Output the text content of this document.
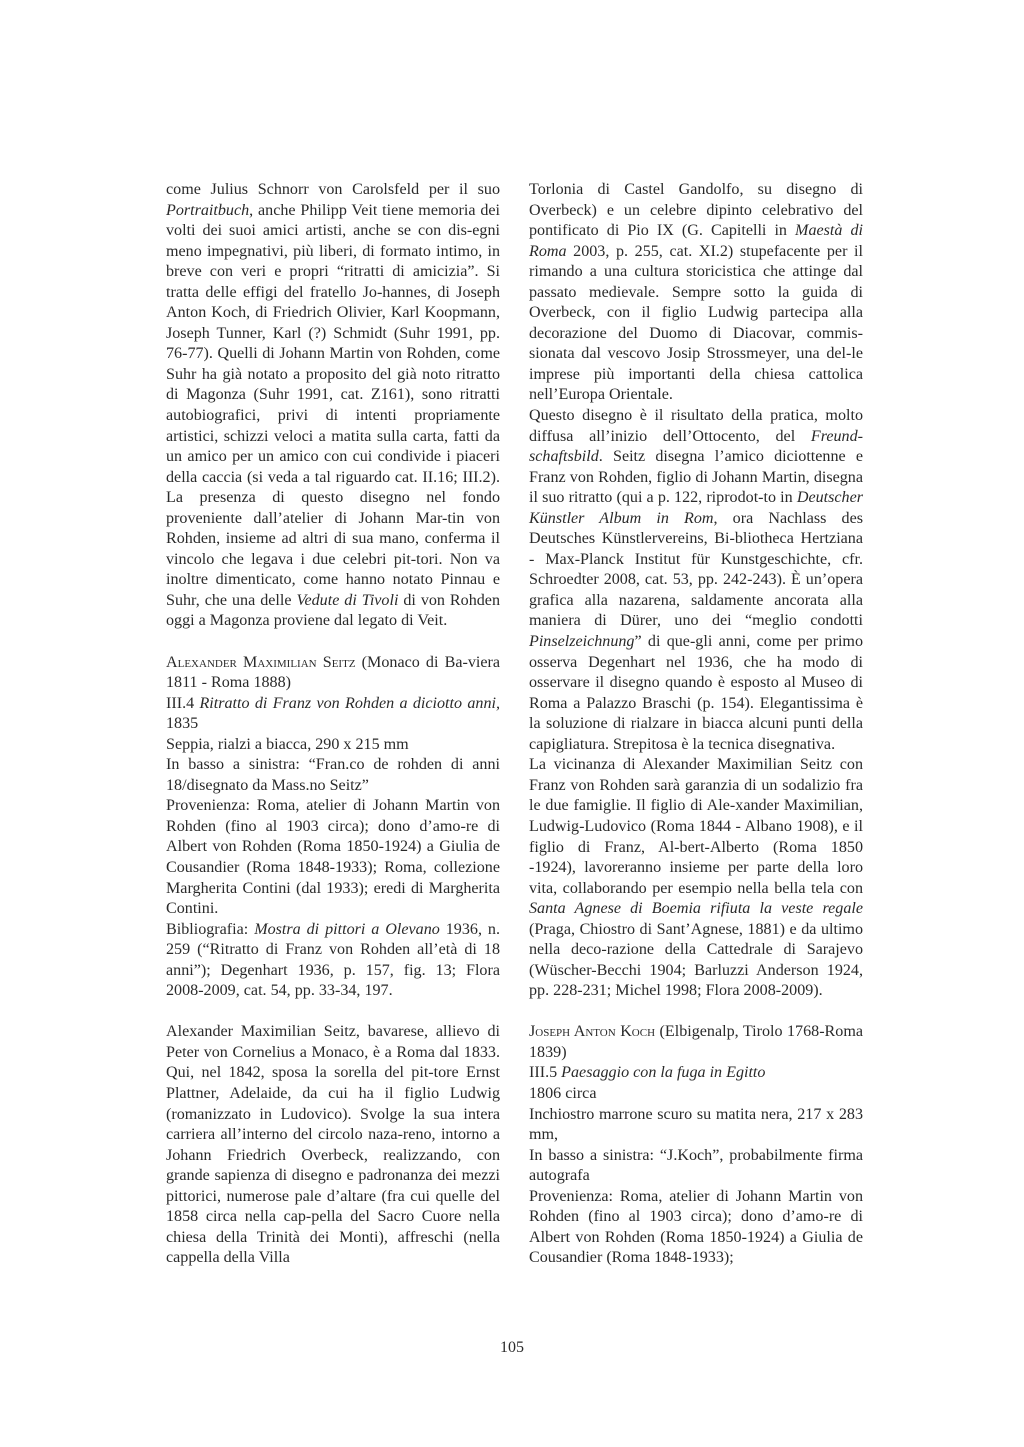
come Julius Schnorr von Carolsfeld per il suo Portraitbuch, anche Philipp Veit tiene memoria dei volti dei suoi amici artisti, anche se con dis-egni meno impegnativi, più liberi, di formato intimo, in breve con veri e propri “ritratti di amicizia”. Si tratta delle effigi del fratello Jo-hannes, di Joseph Anton Koch, di Friedrich Olivier, Karl Koopmann, Joseph Tunner, Karl (?) Schmidt (Suhr 1991, pp. 76-77). Quelli di Johann Martin von Rohden, come Suhr ha già notato a proposito del già noto ritratto di Magonza (Suhr 1991, cat. Z161), sono ritratti autobiografici, privi di intenti propriamente artistici, schizzi veloci a matita sulla carta, fatti da un amico per un amico con cui condivide i piaceri della caccia (si veda a tal riguardo cat. II.16; III.2). La presenza di questo disegno nel fondo proveniente dall’atelier di Johann Mar-tin von Rohden, insieme ad altri di sua mano, conferma il vincolo che legava i due celebri pit-tori. Non va inoltre dimenticato, come hanno notato Pinnau e Suhr, che una delle Vedute di Tivoli di von Rohden oggi a Magonza proviene dal legato di Veit.

Alexander Maximilian Seitz (Monaco di Ba-viera 1811 - Roma 1888)

III.4 Ritratto di Franz von Rohden a diciotto anni, 1835

Seppia, rialzi a biacca, 290 x 215 mm

In basso a sinistra: “Fran.co de rohden di anni 18/disegnato da Mass.no Seitz”

Provenienza: Roma, atelier di Johann Martin von Rohden (fino al 1903 circa); dono d’amo-re di Albert von Rohden (Roma 1850-1924) a Giulia de Cousandier (Roma 1848-1933); Roma, collezione Margherita Contini (dal 1933); eredi di Margherita Contini.

Bibliografia: Mostra di pittori a Olevano 1936, n. 259 (“Ritratto di Franz von Rohden all’età di 18 anni”); Degenhart 1936, p. 157, fig. 13; Flora 2008-2009, cat. 54, pp. 33-34, 197.

Alexander Maximilian Seitz, bavarese, allievo di Peter von Cornelius a Monaco, è a Roma dal 1833. Qui, nel 1842, sposa la sorella del pit-tore Ernst Plattner, Adelaide, da cui ha il figlio Ludwig (romanizzato in Ludovico). Svolge la sua intera carriera all’interno del circolo naza-reno, intorno a Johann Friedrich Overbeck, realizzando, con grande sapienza di disegno e padronanza dei mezzi pittorici, numerose pale d’altare (fra cui quelle del 1858 circa nella cap-pella del Sacro Cuore nella chiesa della Trinità dei Monti), affreschi (nella cappella della Villa

Torlonia di Castel Gandolfo, su disegno di Overbeck) e un celebre dipinto celebrativo del pontificato di Pio IX (G. Capitelli in Maestà di Roma 2003, p. 255, cat. XI.2) stupefacente per il rimando a una cultura storicistica che attinge dal passato medievale. Sempre sotto la guida di Overbeck, con il figlio Ludwig partecipa alla decorazione del Duomo di Diacovar, commis-sionata dal vescovo Josip Strossmeyer, una del-le imprese più importanti della chiesa cattolica nell’Europa Orientale.

Questo disegno è il risultato della pratica, molto diffusa all’inizio dell’Ottocento, del Freund-schaftsbild. Seitz disegna l’amico diciottenne e Franz von Rohden, figlio di Johann Martin, disegna il suo ritratto (qui a p. 122, riprodot-to in Deutscher Künstler Album in Rom, ora Nachlass des Deutsches Künstlervereins, Bi-bliotheca Hertziana - Max-Planck Institut für Kunstgeschichte, cfr. Schroedter 2008, cat. 53, pp. 242-243). È un’opera grafica alla nazarena, saldamente ancorata alla maniera di Dürer, uno dei “meglio condotti Pinselzeichnung” di que-gli anni, come per primo osserva Degenhart nel 1936, che ha modo di osservare il disegno quando è esposto al Museo di Roma a Palazzo Braschi (p. 154). Elegantissima è la soluzione di rialzare in biacca alcuni punti della capigliatura. Strepitosa è la tecnica disegnativa.

La vicinanza di Alexander Maximilian Seitz con Franz von Rohden sarà garanzia di un sodalizio fra le due famiglie. Il figlio di Ale-xander Maximilian, Ludwig-Ludovico (Roma 1844 - Albano 1908), e il figlio di Franz, Al-bert-Alberto (Roma 1850 -1924), lavoreranno insieme per parte della loro vita, collaborando per esempio nella bella tela con Santa Agnese di Boemia rifiuta la veste regale (Praga, Chiostro di Sant’Agnese, 1881) e da ultimo nella deco-razione della Cattedrale di Sarajevo (Wüscher-Becchi 1904; Barluzzi Anderson 1924, pp. 228-231; Michel 1998; Flora 2008-2009).

Joseph Anton Koch (Elbigenalp, Tirolo 1768-Roma 1839)

III.5 Paesaggio con la fuga in Egitto

1806 circa

Inchiostro marrone scuro su matita nera, 217 x 283 mm,

In basso a sinistra: “J.Koch”, probabilmente firma autografa

Provenienza: Roma, atelier di Johann Martin von Rohden (fino al 1903 circa); dono d’amo-re di Albert von Rohden (Roma 1850-1924) a Giulia de Cousandier (Roma 1848-1933);

105
